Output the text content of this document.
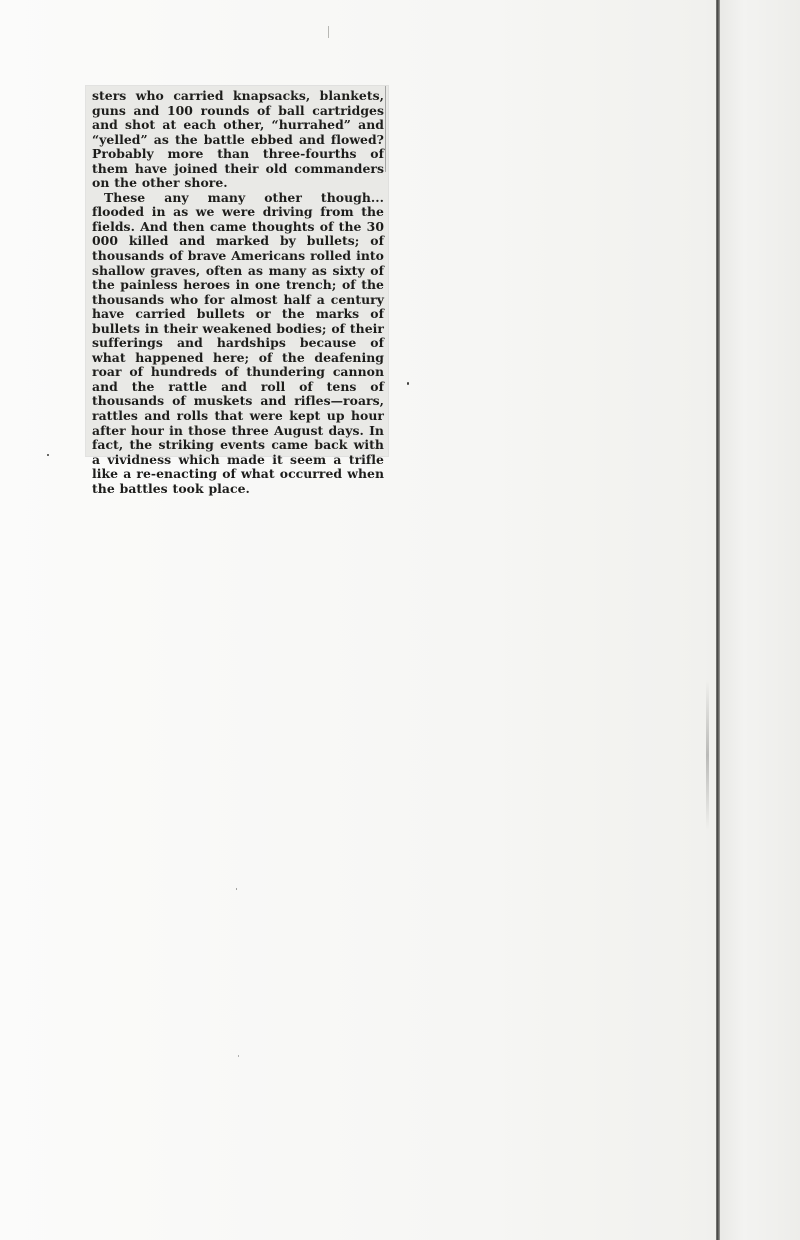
sters who carried knapsacks, blankets, guns and 100 rounds of ball cartridges and shot at each other, “hurrahed” and “yelled” as the battle ebbed and flowed? Probably more than three-fourths of them have joined their old commanders on the other shore.

These any many other though... flooded in as we were driving from the fields. And then came thoughts of the 30 000 killed and marked by bullets; of thousands of brave Americans rolled into shallow graves, often as many as sixty of the painless heroes in one trench; of the thousands who for almost half a century have carried bullets or the marks of bullets in their weakened bodies; of their sufferings and hardships because of what happened here; of the deafening roar of hundreds of thundering cannon and the rattle and roll of tens of thousands of muskets and rifles—roars, rattles and rolls that were kept up hour after hour in those three August days. In fact, the striking events came back with a vividness which made it seem a trifle like a re-enacting of what occurred when the battles took place.
